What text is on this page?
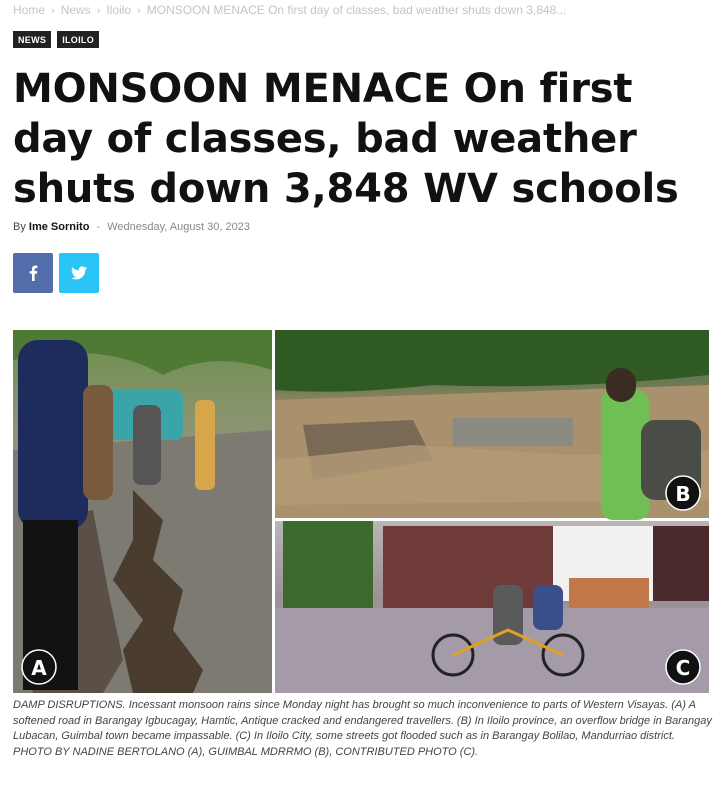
Home › News › Iloilo › MONSOON MENACE On first day of classes, bad weather shuts down 3,848...
NEWS	ILOILO
MONSOON MENACE On first day of classes, bad weather shuts down 3,848 WV schools
By Ime Sornito - Wednesday, August 30, 2023
A
B
C

DAMP DISRUPTIONS. Incessant monsoon rains since Monday night has brought so much inconvenience to parts of Western Visayas. (A) A softened road in Barangay Igbucagay, Hamtic, Antique cracked and endangered travellers. (B) In Iloilo province, an overflow bridge in Barangay Lubacan, Guimbal town became impassable. (C) In Iloilo City, some streets got flooded such as in Barangay Bolilao, Mandurriao district. PHOTO BY NADINE BERTOLANO (A), GUIMBAL MDRRMO (B), CONTRIBUTED PHOTO (C).
